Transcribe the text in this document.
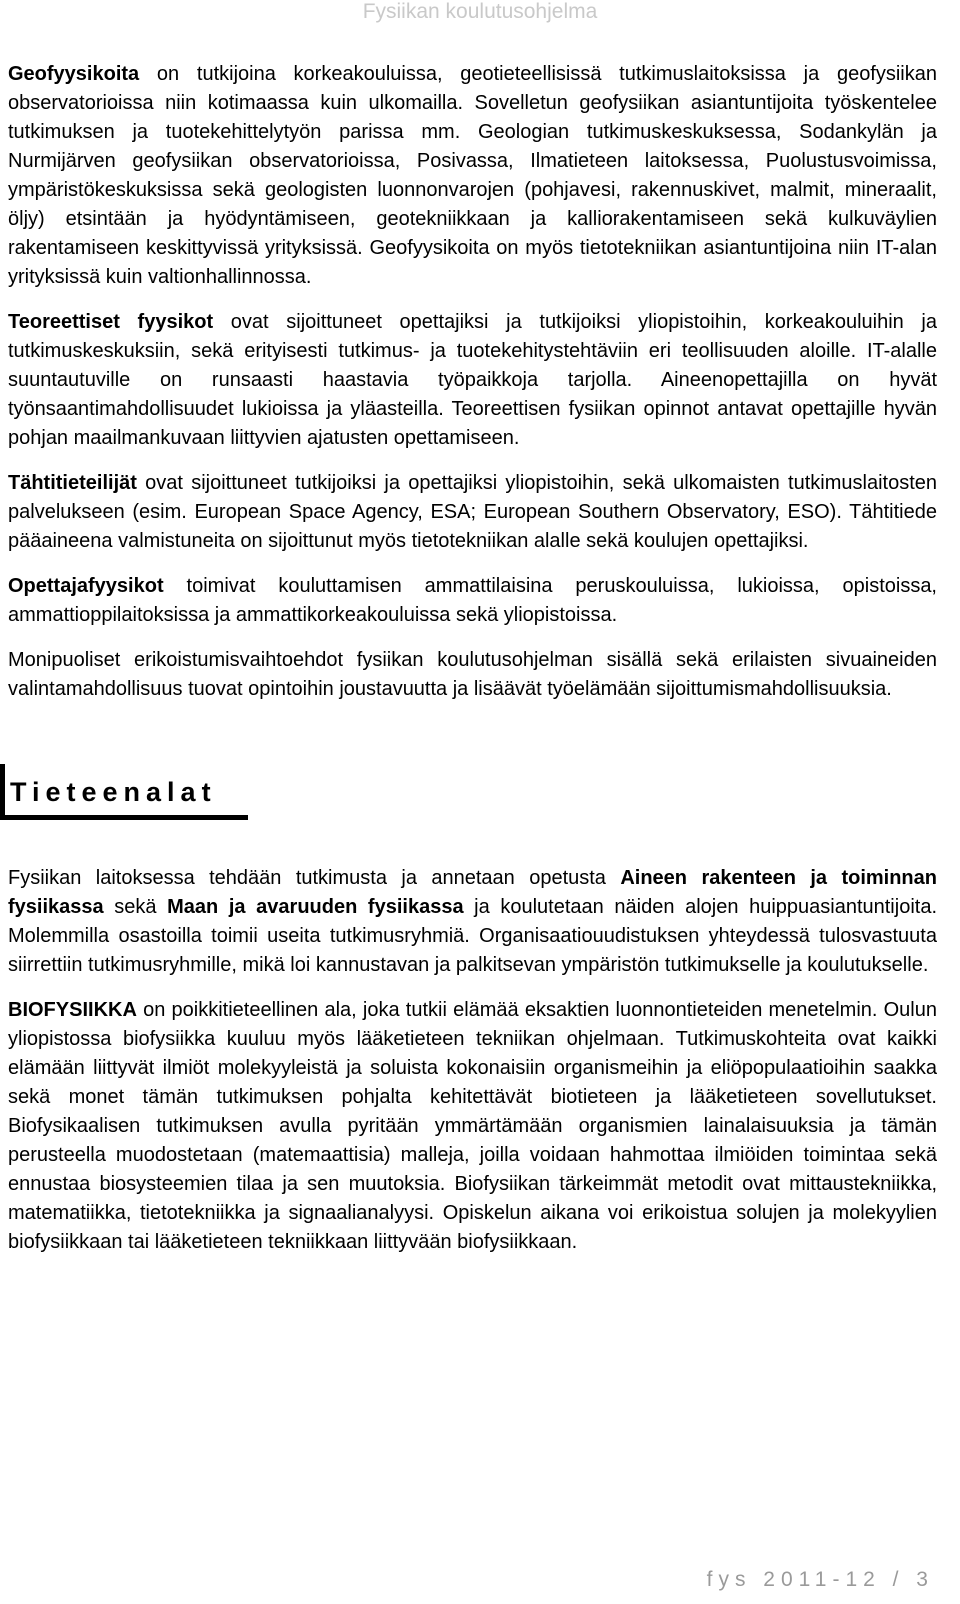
Fysiikan koulutusohjelma

Geofyysikoita on tutkijoina korkeakouluissa, geotieteellisissä tutkimuslaitoksissa ja geofysiikan observatorioissa niin kotimaassa kuin ulkomailla. Sovelletun geofysiikan asiantuntijoita työskentelee tutkimuksen ja tuotekehittelytyön parissa mm. Geologian tutkimuskeskuksessa, Sodankylän ja Nurmijärven geofysiikan observatorioissa, Posivassa, Ilmatieteen laitoksessa, Puolustusvoimissa, ympäristökeskuksissa sekä geologisten luonnonvarojen (pohjavesi, rakennuskivet, malmit, mineraalit, öljy) etsintään ja hyödyntämiseen, geotekniikkaan ja kalliorakentamiseen sekä kulkuväylien rakentamiseen keskittyvissä yrityksissä. Geofyysikoita on myös tietotekniikan asiantuntijoina niin IT-alan yrityksissä kuin valtionhallinnossa.

Teoreettiset fyysikot ovat sijoittuneet opettajiksi ja tutkijoiksi yliopistoihin, korkeakouluihin ja tutkimuskeskuksiin, sekä erityisesti tutkimus- ja tuotekehitystehtäviin eri teollisuuden aloille. IT-alalle suuntautuville on runsaasti haastavia työpaikkoja tarjolla. Aineenopettajilla on hyvät työnsaantimahdollisuudet lukioissa ja yläasteilla. Teoreettisen fysiikan opinnot antavat opettajille hyvän pohjan maailmankuvaan liittyvien ajatusten opettamiseen.

Tähtitieteilijät ovat sijoittuneet tutkijoiksi ja opettajiksi yliopistoihin, sekä ulkomaisten tutkimuslaitosten palvelukseen (esim. European Space Agency, ESA; European Southern Observatory, ESO). Tähtitiede pääaineena valmistuneita on sijoittunut myös tietotekniikan alalle sekä koulujen opettajiksi.

Opettajafyysikot toimivat kouluttamisen ammattilaisina peruskouluissa, lukioissa, opistoissa, ammattioppilaitoksissa ja ammattikorkeakouluissa sekä yliopistoissa.

Monipuoliset erikoistumisvaihtoehdot fysiikan koulutusohjelman sisällä sekä erilaisten sivuaineiden valintamahdollisuus tuovat opintoihin joustavuutta ja lisäävät työelämään sijoittumismahdollisuuksia.

Tieteenalat

Fysiikan laitoksessa tehdään tutkimusta ja annetaan opetusta Aineen rakenteen ja toiminnan fysiikassa sekä Maan ja avaruuden fysiikassa ja koulutetaan näiden alojen huippuasiantuntijoita. Molemmilla osastoilla toimii useita tutkimusryhmiä. Organisaatiouudistuksen yhteydessä tulosvastuuta siirrettiin tutkimusryhmille, mikä loi kannustavan ja palkitsevan ympäristön tutkimukselle ja koulutukselle.

BIOFYSIIKKA on poikkitieteellinen ala, joka tutkii elämää eksaktien luonnontieteiden menetelmin. Oulun yliopistossa biofysiikka kuuluu myös lääketieteen tekniikan ohjelmaan. Tutkimuskohteita ovat kaikki elämään liittyvät ilmiöt molekyyleistä ja soluista kokonaisiin organismeihin ja eliöpopulaatioihin saakka sekä monet tämän tutkimuksen pohjalta kehitettävät biotieteen ja lääketieteen sovellutukset. Biofysikaalisen tutkimuksen avulla pyritään ymmärtämään organismien lainalaisuuksia ja tämän perusteella muodostetaan (matemaattisia) malleja, joilla voidaan hahmottaa ilmiöiden toimintaa sekä ennustaa biosysteemien tilaa ja sen muutoksia. Biofysiikan tärkeimmät metodit ovat mittaustekniikka, matematiikka, tietotekniikka ja signaalianalyysi. Opiskelun aikana voi erikoistua solujen ja molekyylien biofysiikkaan tai lääketieteen tekniikkaan liittyvään biofysiikkaan.

fys 2011-12 / 3
